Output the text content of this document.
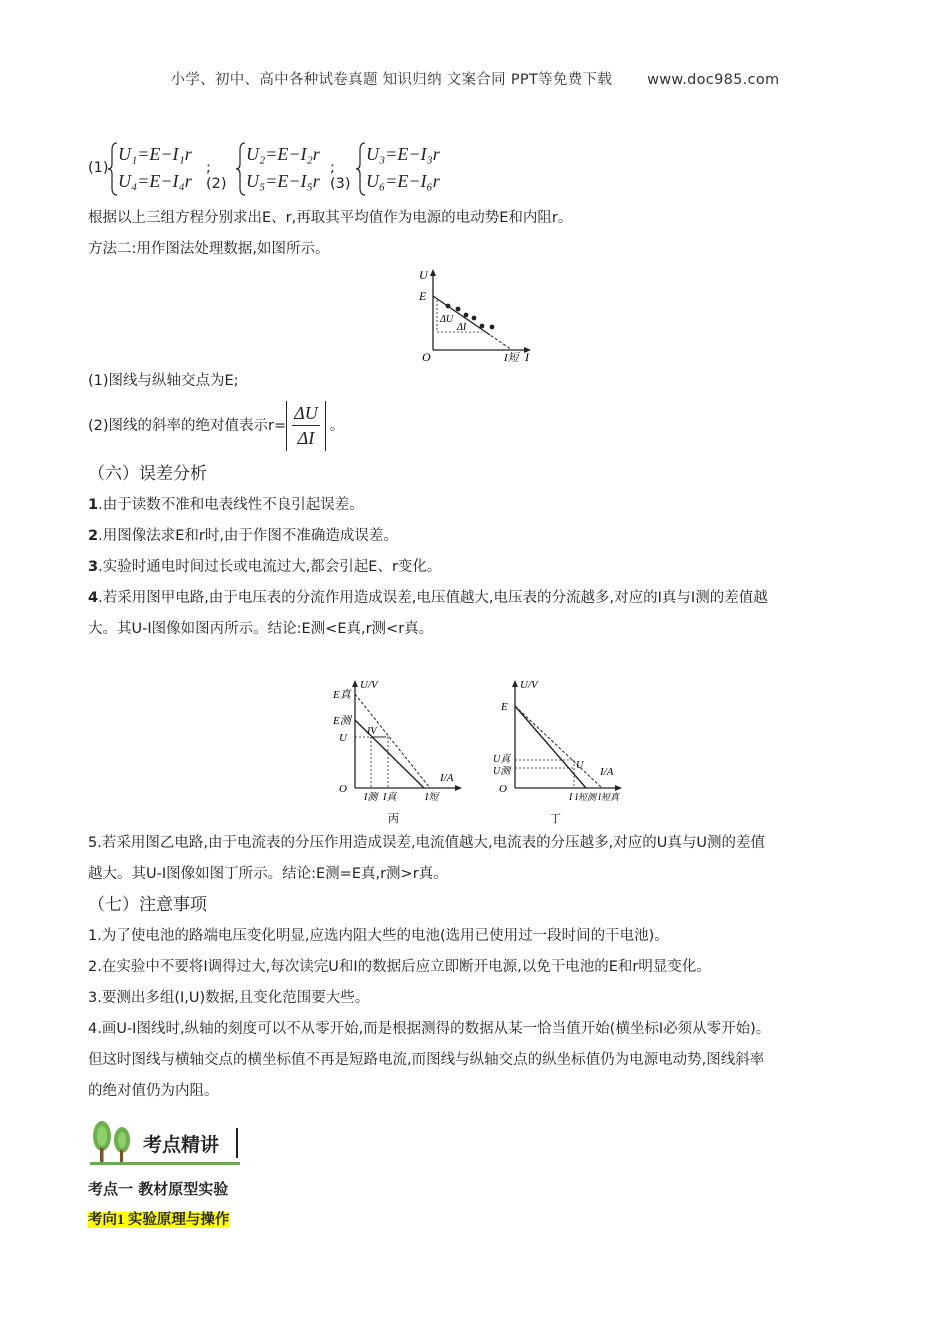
小学、初中、高中各种试卷真题 知识归纳 文案合同 PPT等免费下载 www.doc985.com
(1)
U₁=E−I₁r
U₄=E−I₄r
;(2)
U₂=E−I₂r
U₅=E−I₅r
;(3)
U₃=E−I₃r
U₆=E−I₆r
根据以上三组方程分别求出E、r,再取其平均值作为电源的电动势E和内阻r。
方法二:用作图法处理数据,如图所示。
U
E
O	I
I短
ΔU
ΔI
(1)图线与纵轴交点为E;
(2)图线的斜率的绝对值表示$r= \frac{\Delta U}{\Delta I}$ 。
（六）误差分析
1.由于读数不准和电表线性不良引起误差。
2.用图像法求E和r时,由于作图不准确造成误差。
3.实验时通电时间过长或电流过大,都会引起E、r变化。
4.若采用图甲电路,由于电压表的分流作用造成误差,电压值越大,电压表的分流越多,对应的I真与I测的差值越
大。其U-I图像如图丙所示。结论:E测<E真,r测<r真。
E真
U/V
E测
U
IV
O
I/A
I测 I真	I短
丙
E
U/V
U真
U测
U
O
I/A
I I短测 I短真
丁
5.若采用图乙电路,由于电流表的分压作用造成误差,电流值越大,电流表的分压越多,对应的U真与U测的差值
越大。其U-I图像如图丁所示。结论:E测=E真,r测>r真。
（七）注意事项
1.为了使电池的路端电压变化明显,应选内阻大些的电池(选用已使用过一段时间的干电池)。
2.在实验中不要将I调得过大,每次读完U和I的数据后应立即断开电源,以免干电池的E和r明显变化。
3.要测出多组(I,U)数据,且变化范围要大些。
4.画U-I图线时,纵轴的刻度可以不从零开始,而是根据测得的数据从某一恰当值开始(横坐标I必须从零开始)。
但这时图线与横轴交点的横坐标值不再是短路电流,而图线与纵轴交点的纵坐标值仍为电源电动势,图线斜率
的绝对值仍为内阻。
考点精讲
考点一 教材原型实验
考向1 实验原理与操作
